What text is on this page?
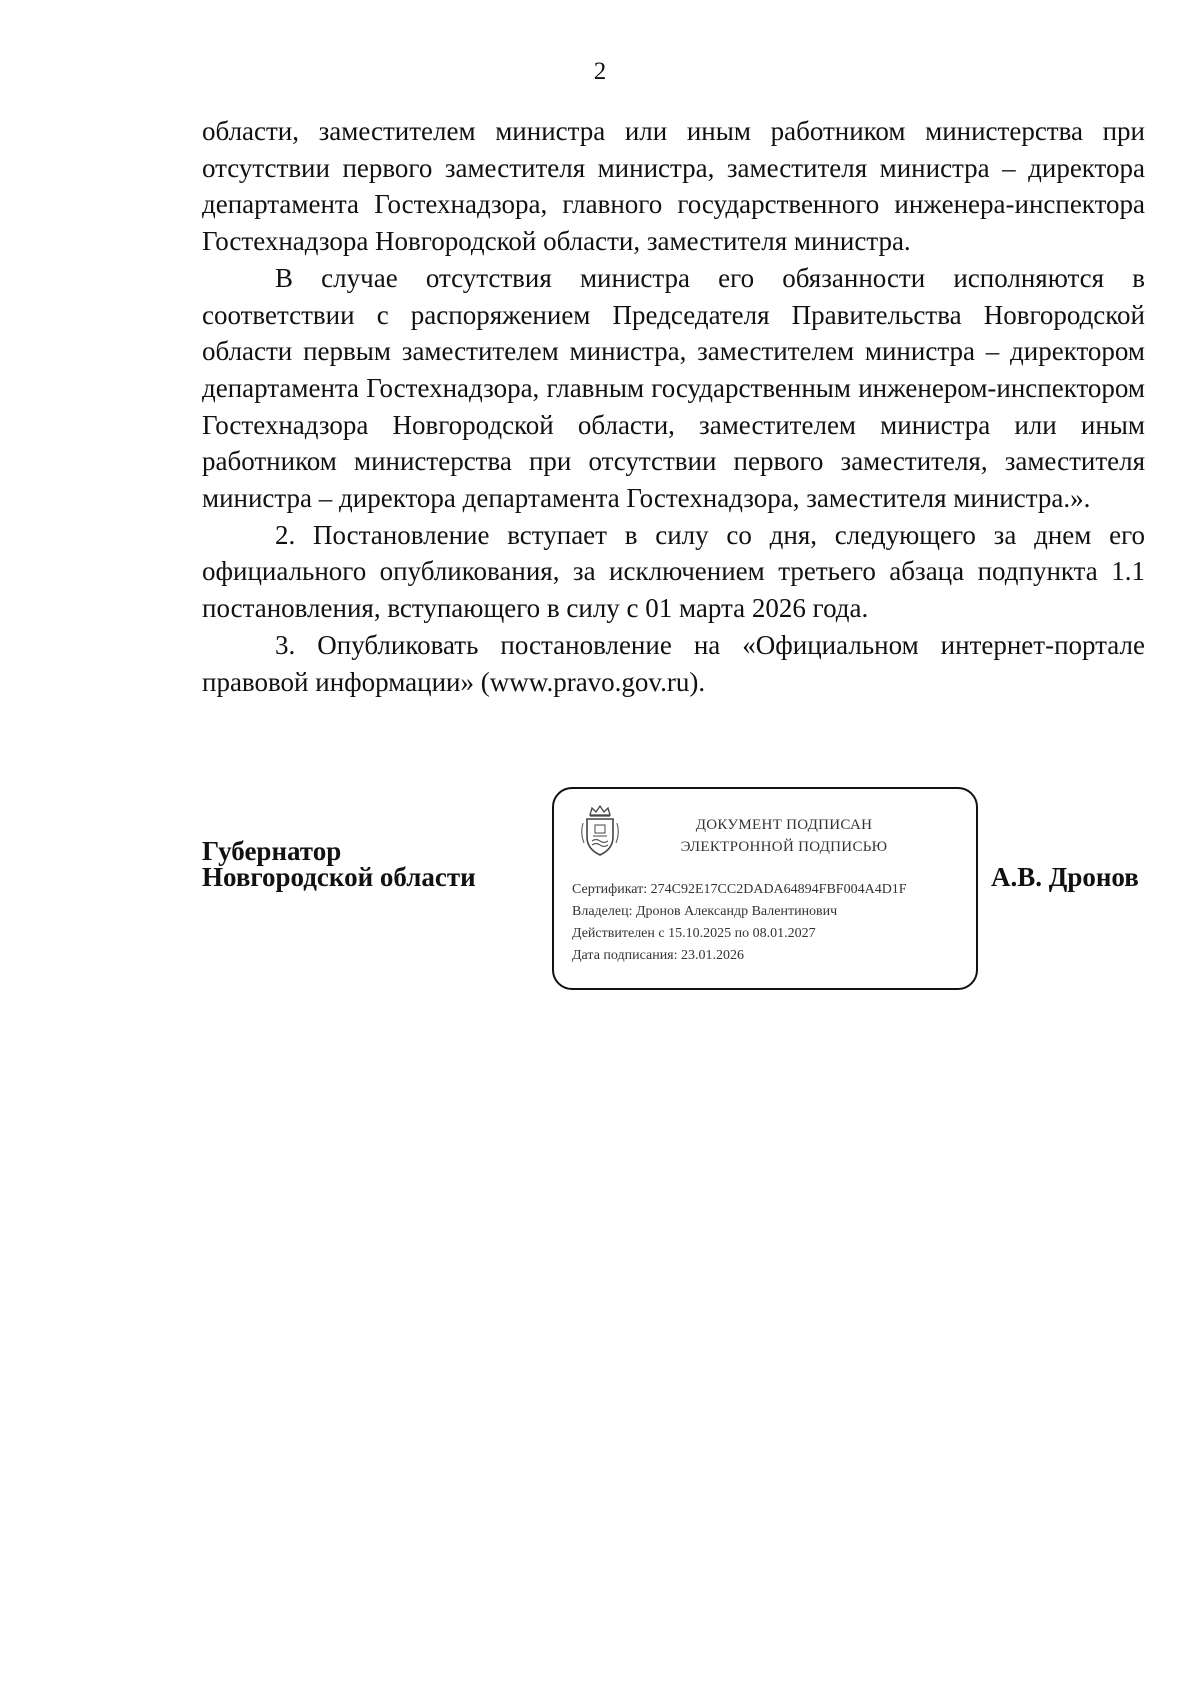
2

области, заместителем министра или иным работником министерства при отсутствии первого заместителя министра, заместителя министра – директора департамента Гостехнадзора, главного государственного инженера-инспектора Гостехнадзора Новгородской области, заместителя министра.

В случае отсутствия министра его обязанности исполняются в соответствии с распоряжением Председателя Правительства Новгородской области первым заместителем министра, заместителем министра – директором департамента Гостехнадзора, главным государственным инженером-инспектором Гостехнадзора Новгородской области, заместителем министра или иным работником министерства при отсутствии первого заместителя, заместителя министра – директора департамента Гостехнадзора, заместителя министра.».

2. Постановление вступает в силу со дня, следующего за днем его официального опубликования, за исключением третьего абзаца подпункта 1.1 постановления, вступающего в силу с 01 марта 2026 года.

3. Опубликовать постановление на «Официальном интернет-портале правовой информации» (www.pravo.gov.ru).

Губернатор
Новгородской области
ДОКУМЕНТ ПОДПИСАН
ЭЛЕКТРОННОЙ ПОДПИСЬЮ
Сертификат: 274C92E17CC2DADA64894FBF004A4D1F
Владелец: Дронов Александр Валентинович
Действителен с 15.10.2025 по 08.01.2027
Дата подписания: 23.01.2026
А.В. Дронов
